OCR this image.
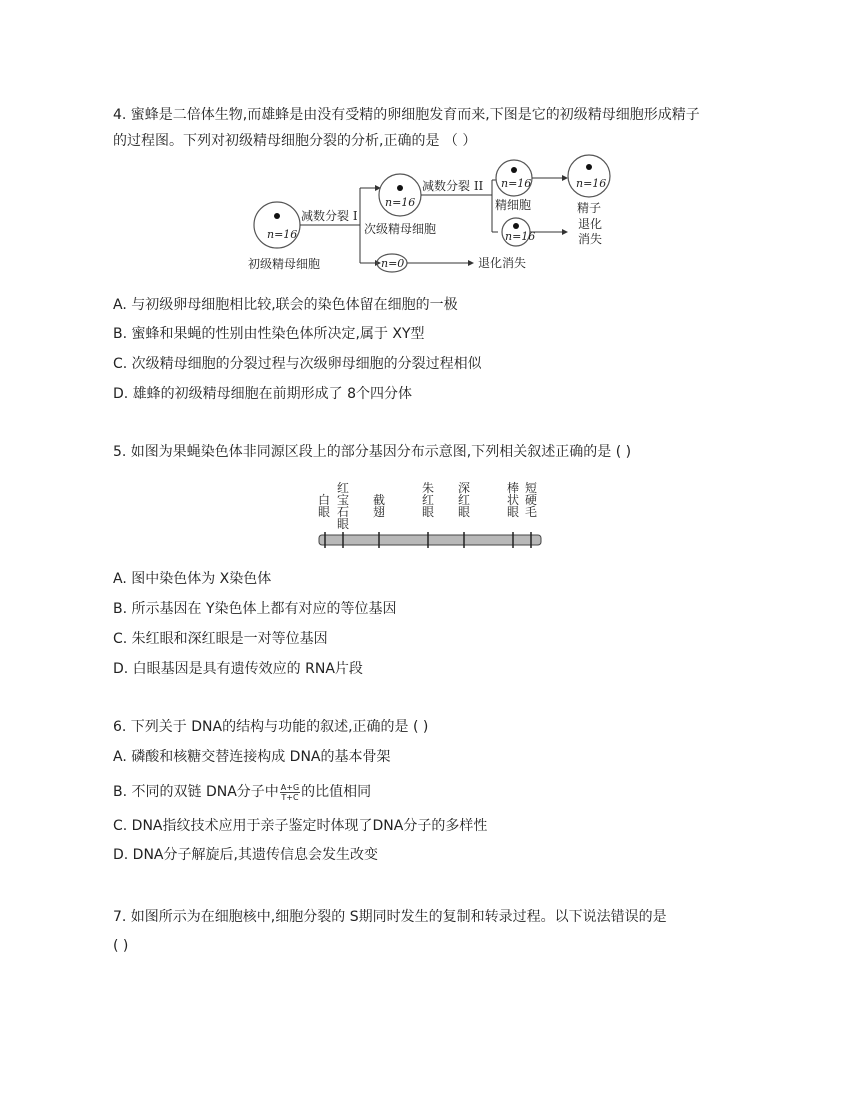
4. 蜜蜂是二倍体生物,而雄蜂是由没有受精的卵细胞发育而来,下图是它的初级精母细胞形成精子
的过程图。下列对初级精母细胞分裂的分析,正确的是 （ ）
n=16
初级精母细胞
减数分裂 I
n=16
次级精母细胞
n=0	退化消失
减数分裂 II n=16
精细胞
n=16
精子
n=16
退化
消失
A. 与初级卵母细胞相比较,联会的染色体留在细胞的一极
B. 蜜蜂和果蝇的性别由性染色体所决定,属于 XY型
C. 次级精母细胞的分裂过程与次级卵母细胞的分裂过程相似
D. 雄蜂的初级精母细胞在前期形成了 8个四分体
5. 如图为果蝇染色体非同源区段上的部分基因分布示意图,下列相关叙述正确的是 ( )
白
眼
红
宝
石
眼
截
翅
朱
红
眼
深
红
眼
棒
状
眼
短
硬
毛
A. 图中染色体为 X染色体
B. 所示基因在 Y染色体上都有对应的等位基因
C. 朱红眼和深红眼是一对等位基因
D. 白眼基因是具有遗传效应的 RNA片段
6. 下列关于 DNA的结构与功能的叙述,正确的是 ( )
A. 磷酸和核糖交替连接构成 DNA的基本骨架
B. 不同的双链 DNA分子中 $\frac{A+G}{T+C}$ 的比值相同
C. DNA指纹技术应用于亲子鉴定时体现了DNA分子的多样性
D. DNA分子解旋后,其遗传信息会发生改变
7. 如图所示为在细胞核中,细胞分裂的 S期同时发生的复制和转录过程。以下说法错误的是
( )
